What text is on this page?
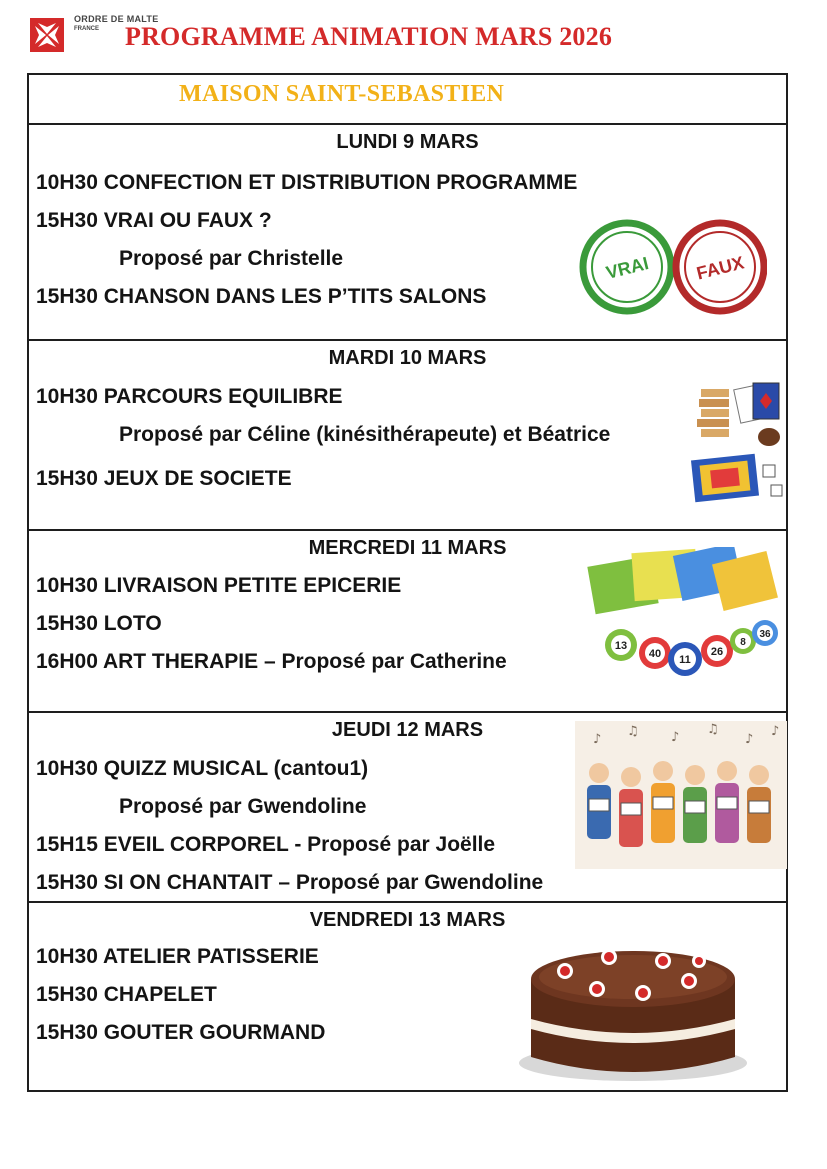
ORDRE DE MALTE
FRANCE PROGRAMME ANIMATION MARS 2026
MAISON SAINT-SEBASTIEN
LUNDI 9 MARS
10H30 CONFECTION ET DISTRIBUTION PROGRAMME
15H30 VRAI OU FAUX ?
Proposé par Christelle
15H30 CHANSON DANS LES P’TITS SALONS
VRAI FAUX
MARDI 10 MARS
10H30 PARCOURS EQUILIBRE
Proposé par Céline (kinésithérapeute) et Béatrice
15H30 JEUX DE SOCIETE
MERCREDI 11 MARS
10H30 LIVRAISON PETITE EPICERIE
15H30 LOTO
16H00 ART THERAPIE – Proposé par Catherine
13
40 11
26
8
36
JEUDI 12 MARS
10H30 QUIZZ MUSICAL (cantou1)
Proposé par Gwendoline
15H15 EVEIL CORPOREL - Proposé par Joëlle
15H30 SI ON CHANTAIT – Proposé par Gwendoline
♪
♫ ♪
♫
♪
♪
VENDREDI 13 MARS
10H30 ATELIER PATISSERIE
15H30 CHAPELET
15H30 GOUTER GOURMAND
